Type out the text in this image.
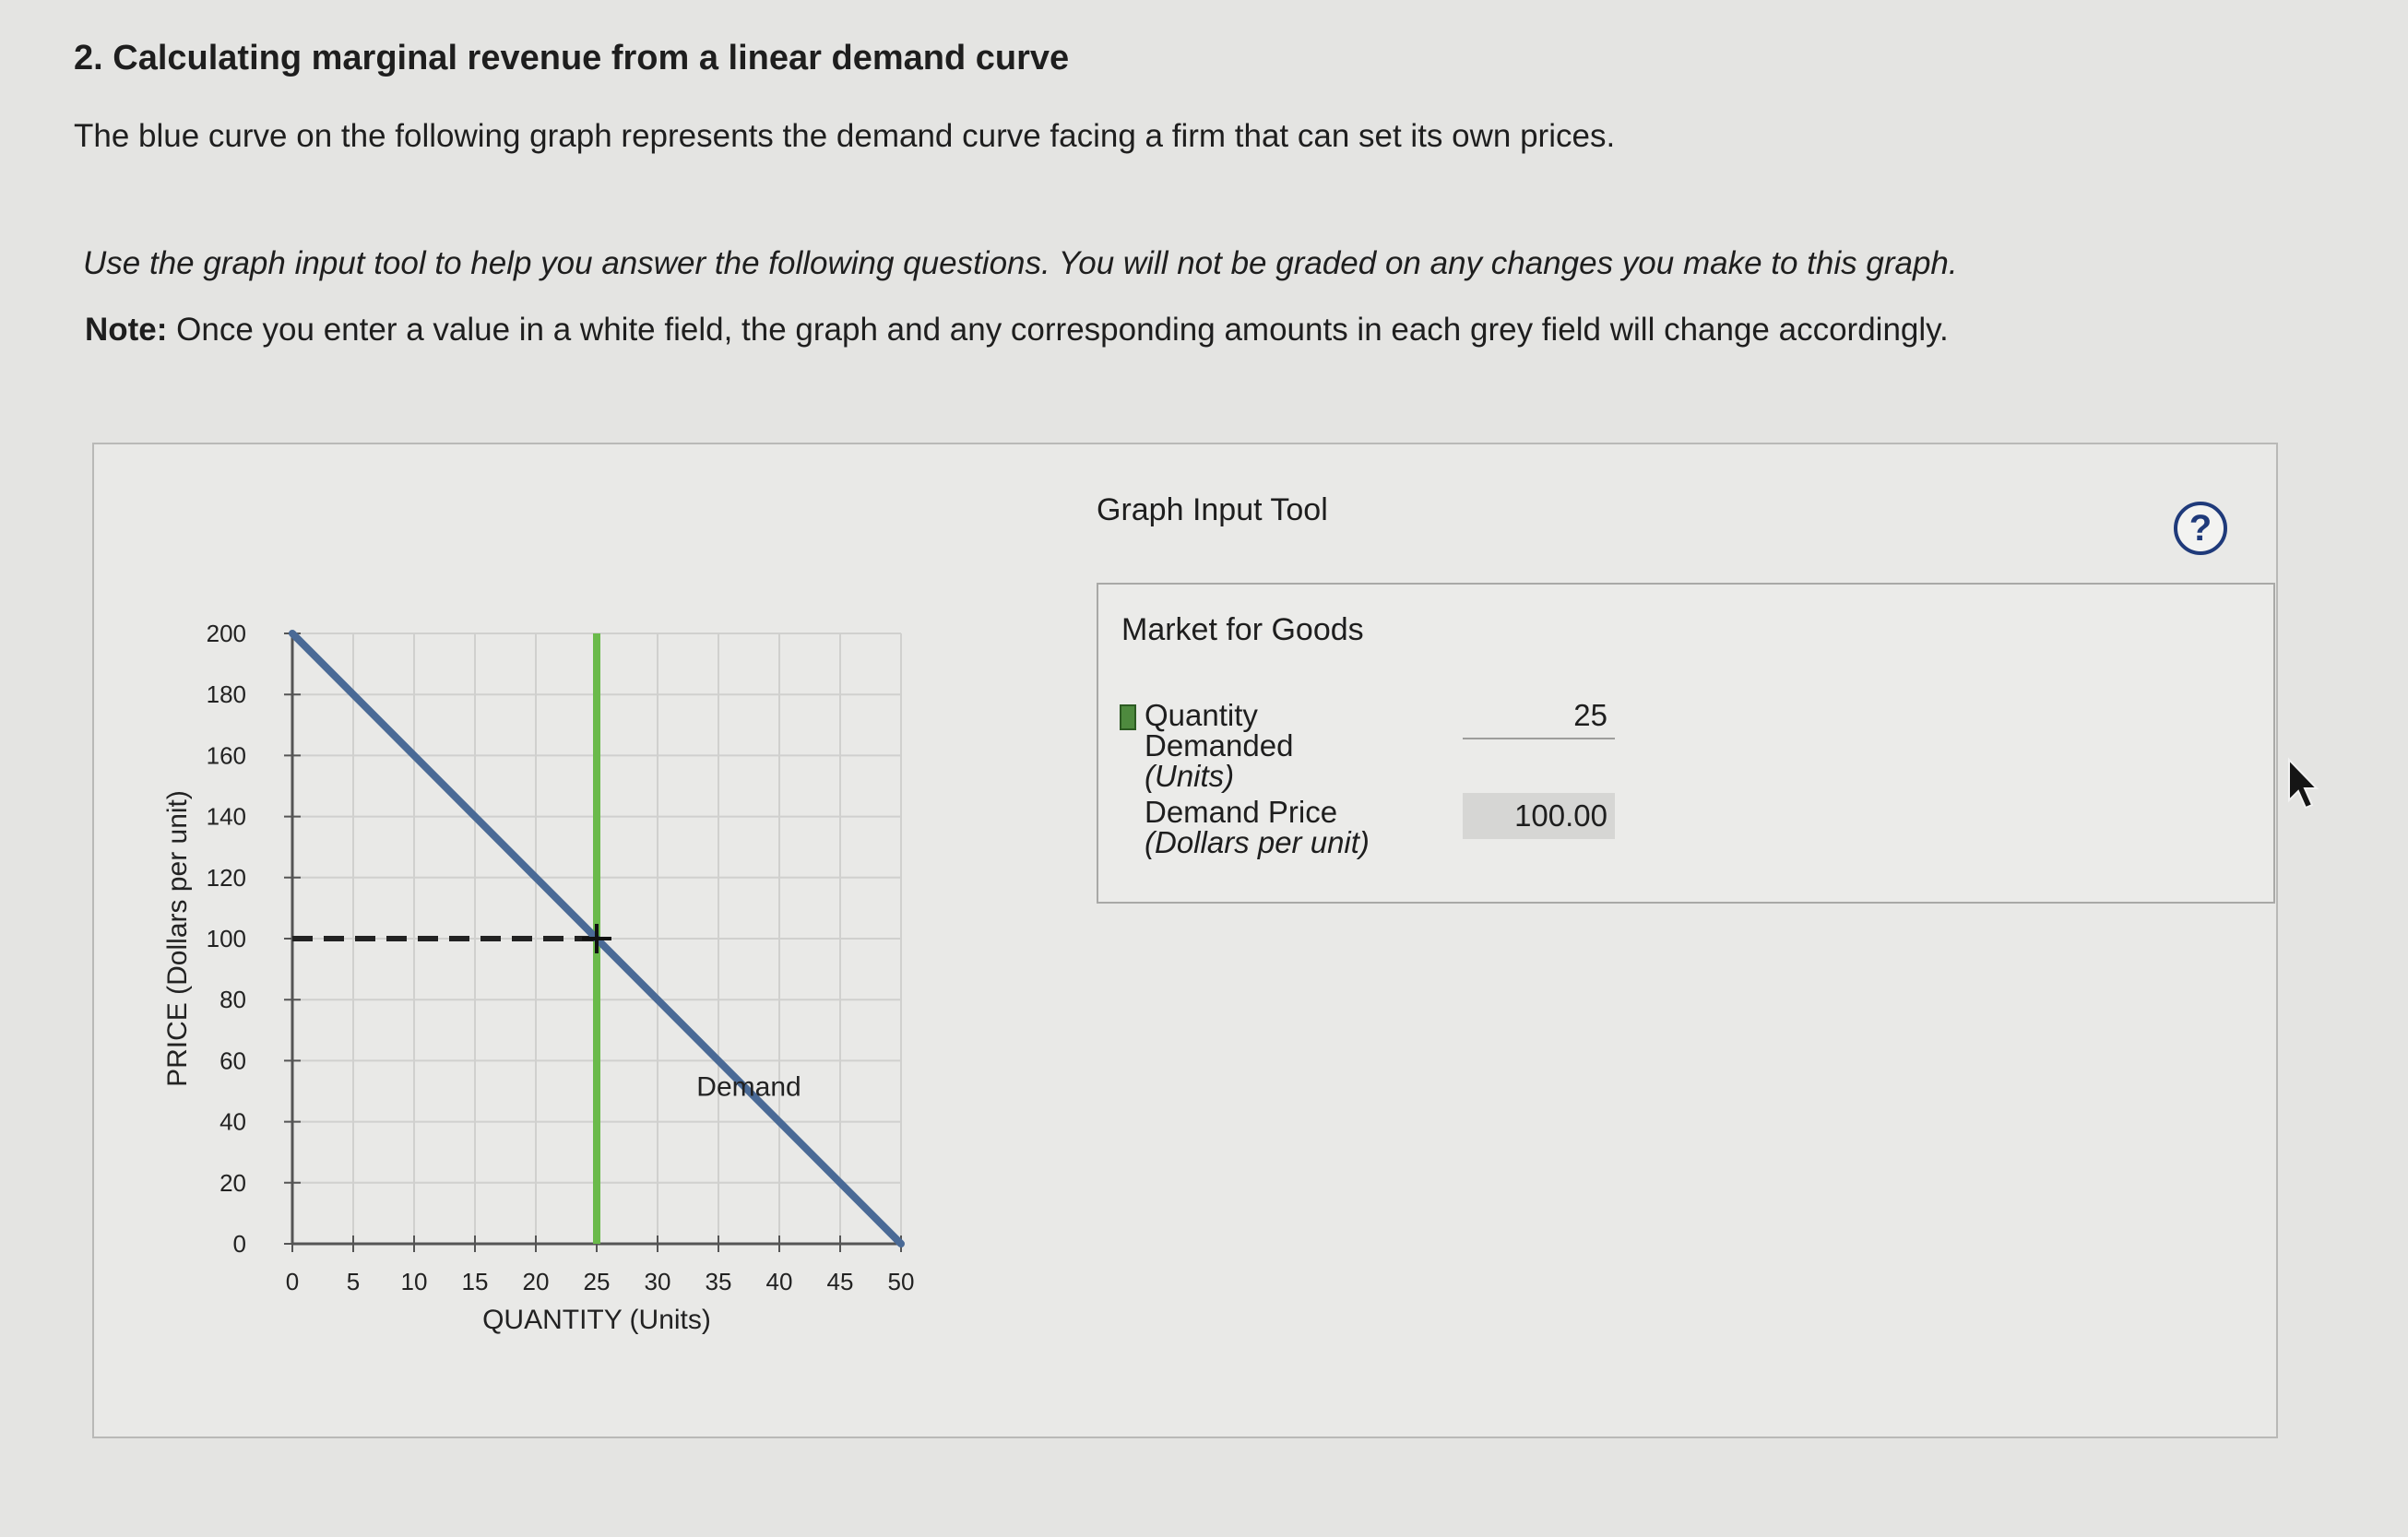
2. Calculating marginal revenue from a linear demand curve

The blue curve on the following graph represents the demand curve facing a firm that can set its own prices.

Use the graph input tool to help you answer the following questions. You will not be graded on any changes you make to this graph.

Note: Once you enter a value in a white field, the graph and any corresponding amounts in each grey field will change accordingly.

0 5 10 15 20 25 30 35 40 45 50
0
20
40
60
80
100
120
140
160
180
200
QUANTITY (Units)
PRICE (Dollars per unit)
Demand
Graph Input Tool	?
Market for Goods
Quantity
Demanded
(Units)
25
Demand Price
(Dollars per unit)
100.00
